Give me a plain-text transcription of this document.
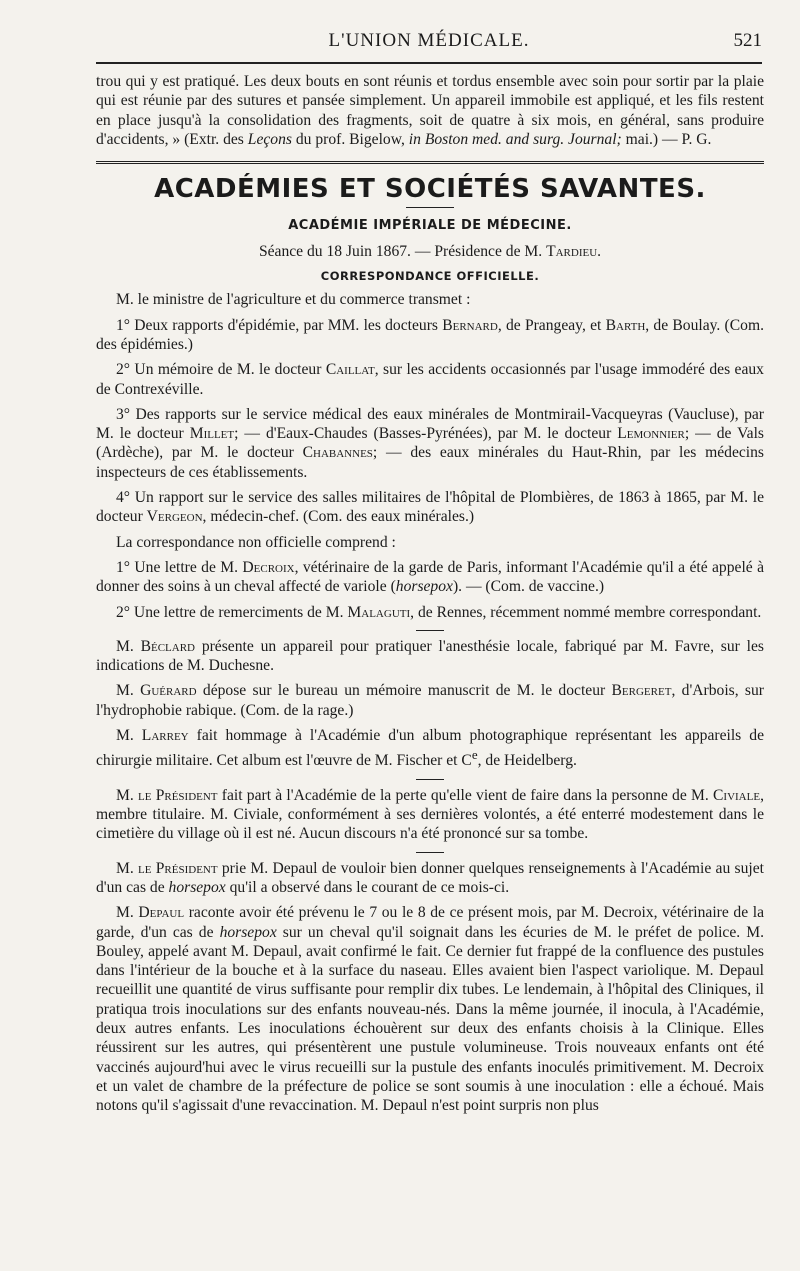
L'UNION MÉDICALE.	521

trou qui y est pratiqué. Les deux bouts en sont réunis et tordus ensemble avec soin pour sortir par la plaie qui est réunie par des sutures et pansée simplement. Un appareil immobile est appliqué, et les fils restent en place jusqu'à la consolidation des fragments, soit de quatre à six mois, en général, sans produire d'accidents, » (Extr. des Leçons du prof. Bigelow, in Boston med. and surg. Journal; mai.) — P. G.

ACADÉMIES ET SOCIÉTÉS SAVANTES.
ACADÉMIE IMPÉRIALE DE MÉDECINE.

Séance du 18 Juin 1867. — Présidence de M. Tardieu.

CORRESPONDANCE OFFICIELLE.

M. le ministre de l'agriculture et du commerce transmet :

1° Deux rapports d'épidémie, par MM. les docteurs Bernard, de Prangeay, et Barth, de Boulay. (Com. des épidémies.)

2° Un mémoire de M. le docteur Caillat, sur les accidents occasionnés par l'usage immodéré des eaux de Contrexéville.

3° Des rapports sur le service médical des eaux minérales de Montmirail-Vacqueyras (Vaucluse), par M. le docteur Millet; — d'Eaux-Chaudes (Basses-Pyrénées), par M. le docteur Lemonnier; — de Vals (Ardèche), par M. le docteur Chabannes; — des eaux minérales du Haut-Rhin, par les médecins inspecteurs de ces établissements.

4° Un rapport sur le service des salles militaires de l'hôpital de Plombières, de 1863 à 1865, par M. le docteur Vergeon, médecin-chef. (Com. des eaux minérales.)

La correspondance non officielle comprend :

1° Une lettre de M. Decroix, vétérinaire de la garde de Paris, informant l'Académie qu'il a été appelé à donner des soins à un cheval affecté de variole (horsepox). — (Com. de vaccine.)

2° Une lettre de remerciments de M. Malaguti, de Rennes, récemment nommé membre correspondant.

M. Béclard présente un appareil pour pratiquer l'anesthésie locale, fabriqué par M. Favre, sur les indications de M. Duchesne.

M. Guérard dépose sur le bureau un mémoire manuscrit de M. le docteur Bergeret, d'Arbois, sur l'hydrophobie rabique. (Com. de la rage.)

M. Larrey fait hommage à l'Académie d'un album photographique représentant les appareils de chirurgie militaire. Cet album est l'œuvre de M. Fischer et Ce, de Heidelberg.

M. le Président fait part à l'Académie de la perte qu'elle vient de faire dans la personne de M. Civiale, membre titulaire. M. Civiale, conformément à ses dernières volontés, a été enterré modestement dans le cimetière du village où il est né. Aucun discours n'a été prononcé sur sa tombe.

M. le Président prie M. Depaul de vouloir bien donner quelques renseignements à l'Académie au sujet d'un cas de horsepox qu'il a observé dans le courant de ce mois-ci.

M. Depaul raconte avoir été prévenu le 7 ou le 8 de ce présent mois, par M. Decroix, vétérinaire de la garde, d'un cas de horsepox sur un cheval qu'il soignait dans les écuries de M. le préfet de police. M. Bouley, appelé avant M. Depaul, avait confirmé le fait. Ce dernier fut frappé de la confluence des pustules dans l'intérieur de la bouche et à la surface du naseau. Elles avaient bien l'aspect variolique. M. Depaul recueillit une quantité de virus suffisante pour remplir dix tubes. Le lendemain, à l'hôpital des Cliniques, il pratiqua trois inoculations sur des enfants nouveau-nés. Dans la même journée, il inocula, à l'Académie, deux autres enfants. Les inoculations échouèrent sur deux des enfants choisis à la Clinique. Elles réussirent sur les autres, qui présentèrent une pustule volumineuse. Trois nouveaux enfants ont été vaccinés aujourd'hui avec le virus recueilli sur la pustule des enfants inoculés primitivement. M. Decroix et un valet de chambre de la préfecture de police se sont soumis à une inoculation : elle a échoué. Mais notons qu'il s'agissait d'une revaccination. M. Depaul n'est point surpris non plus
